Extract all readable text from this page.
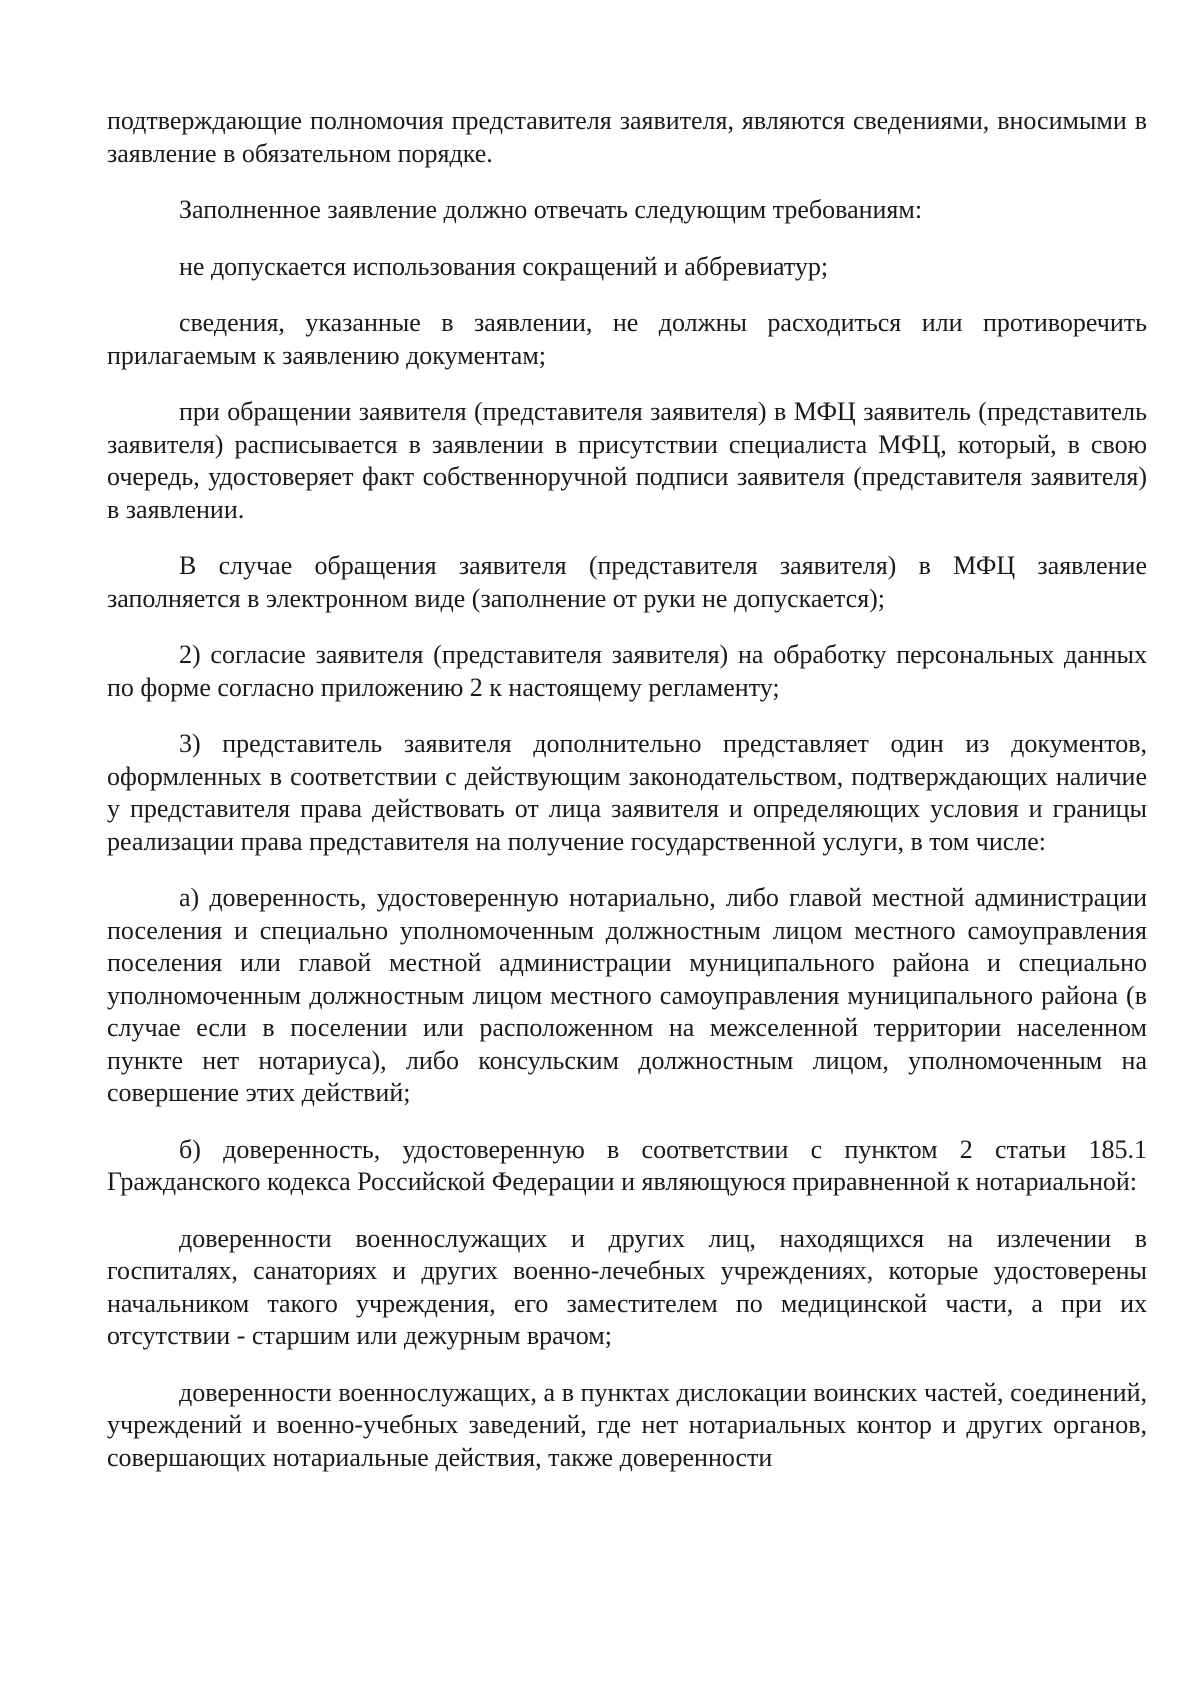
подтверждающие полномочия представителя заявителя, являются сведениями, вносимыми в заявление в обязательном порядке.

Заполненное заявление должно отвечать следующим требованиям:

не допускается использования сокращений и аббревиатур;

сведения, указанные в заявлении, не должны расходиться или противоречить прилагаемым к заявлению документам;

при обращении заявителя (представителя заявителя) в МФЦ заявитель (представитель заявителя) расписывается в заявлении в присутствии специалиста МФЦ, который, в свою очередь, удостоверяет факт собственноручной подписи заявителя (представителя заявителя) в заявлении.

В случае обращения заявителя (представителя заявителя) в МФЦ заявление заполняется в электронном виде (заполнение от руки не допускается);

2) согласие заявителя (представителя заявителя) на обработку персональных данных по форме согласно приложению 2 к настоящему регламенту;

3) представитель заявителя дополнительно представляет один из документов, оформленных в соответствии с действующим законодательством, подтверждающих наличие у представителя права действовать от лица заявителя и определяющих условия и границы реализации права представителя на получение государственной услуги, в том числе:

а) доверенность, удостоверенную нотариально, либо главой местной администрации поселения и специально уполномоченным должностным лицом местного самоуправления поселения или главой местной администрации муниципального района и специально уполномоченным должностным лицом местного самоуправления муниципального района (в случае если в поселении или расположенном на межселенной территории населенном пункте нет нотариуса), либо консульским должностным лицом, уполномоченным на совершение этих действий;

б) доверенность, удостоверенную в соответствии с пунктом 2 статьи 185.1 Гражданского кодекса Российской Федерации и являющуюся приравненной к нотариальной:

доверенности военнослужащих и других лиц, находящихся на излечении в госпиталях, санаториях и других военно-лечебных учреждениях, которые удостоверены начальником такого учреждения, его заместителем по медицинской части, а при их отсутствии - старшим или дежурным врачом;

доверенности военнослужащих, а в пунктах дислокации воинских частей, соединений, учреждений и военно-учебных заведений, где нет нотариальных контор и других органов, совершающих нотариальные действия, также доверенности
